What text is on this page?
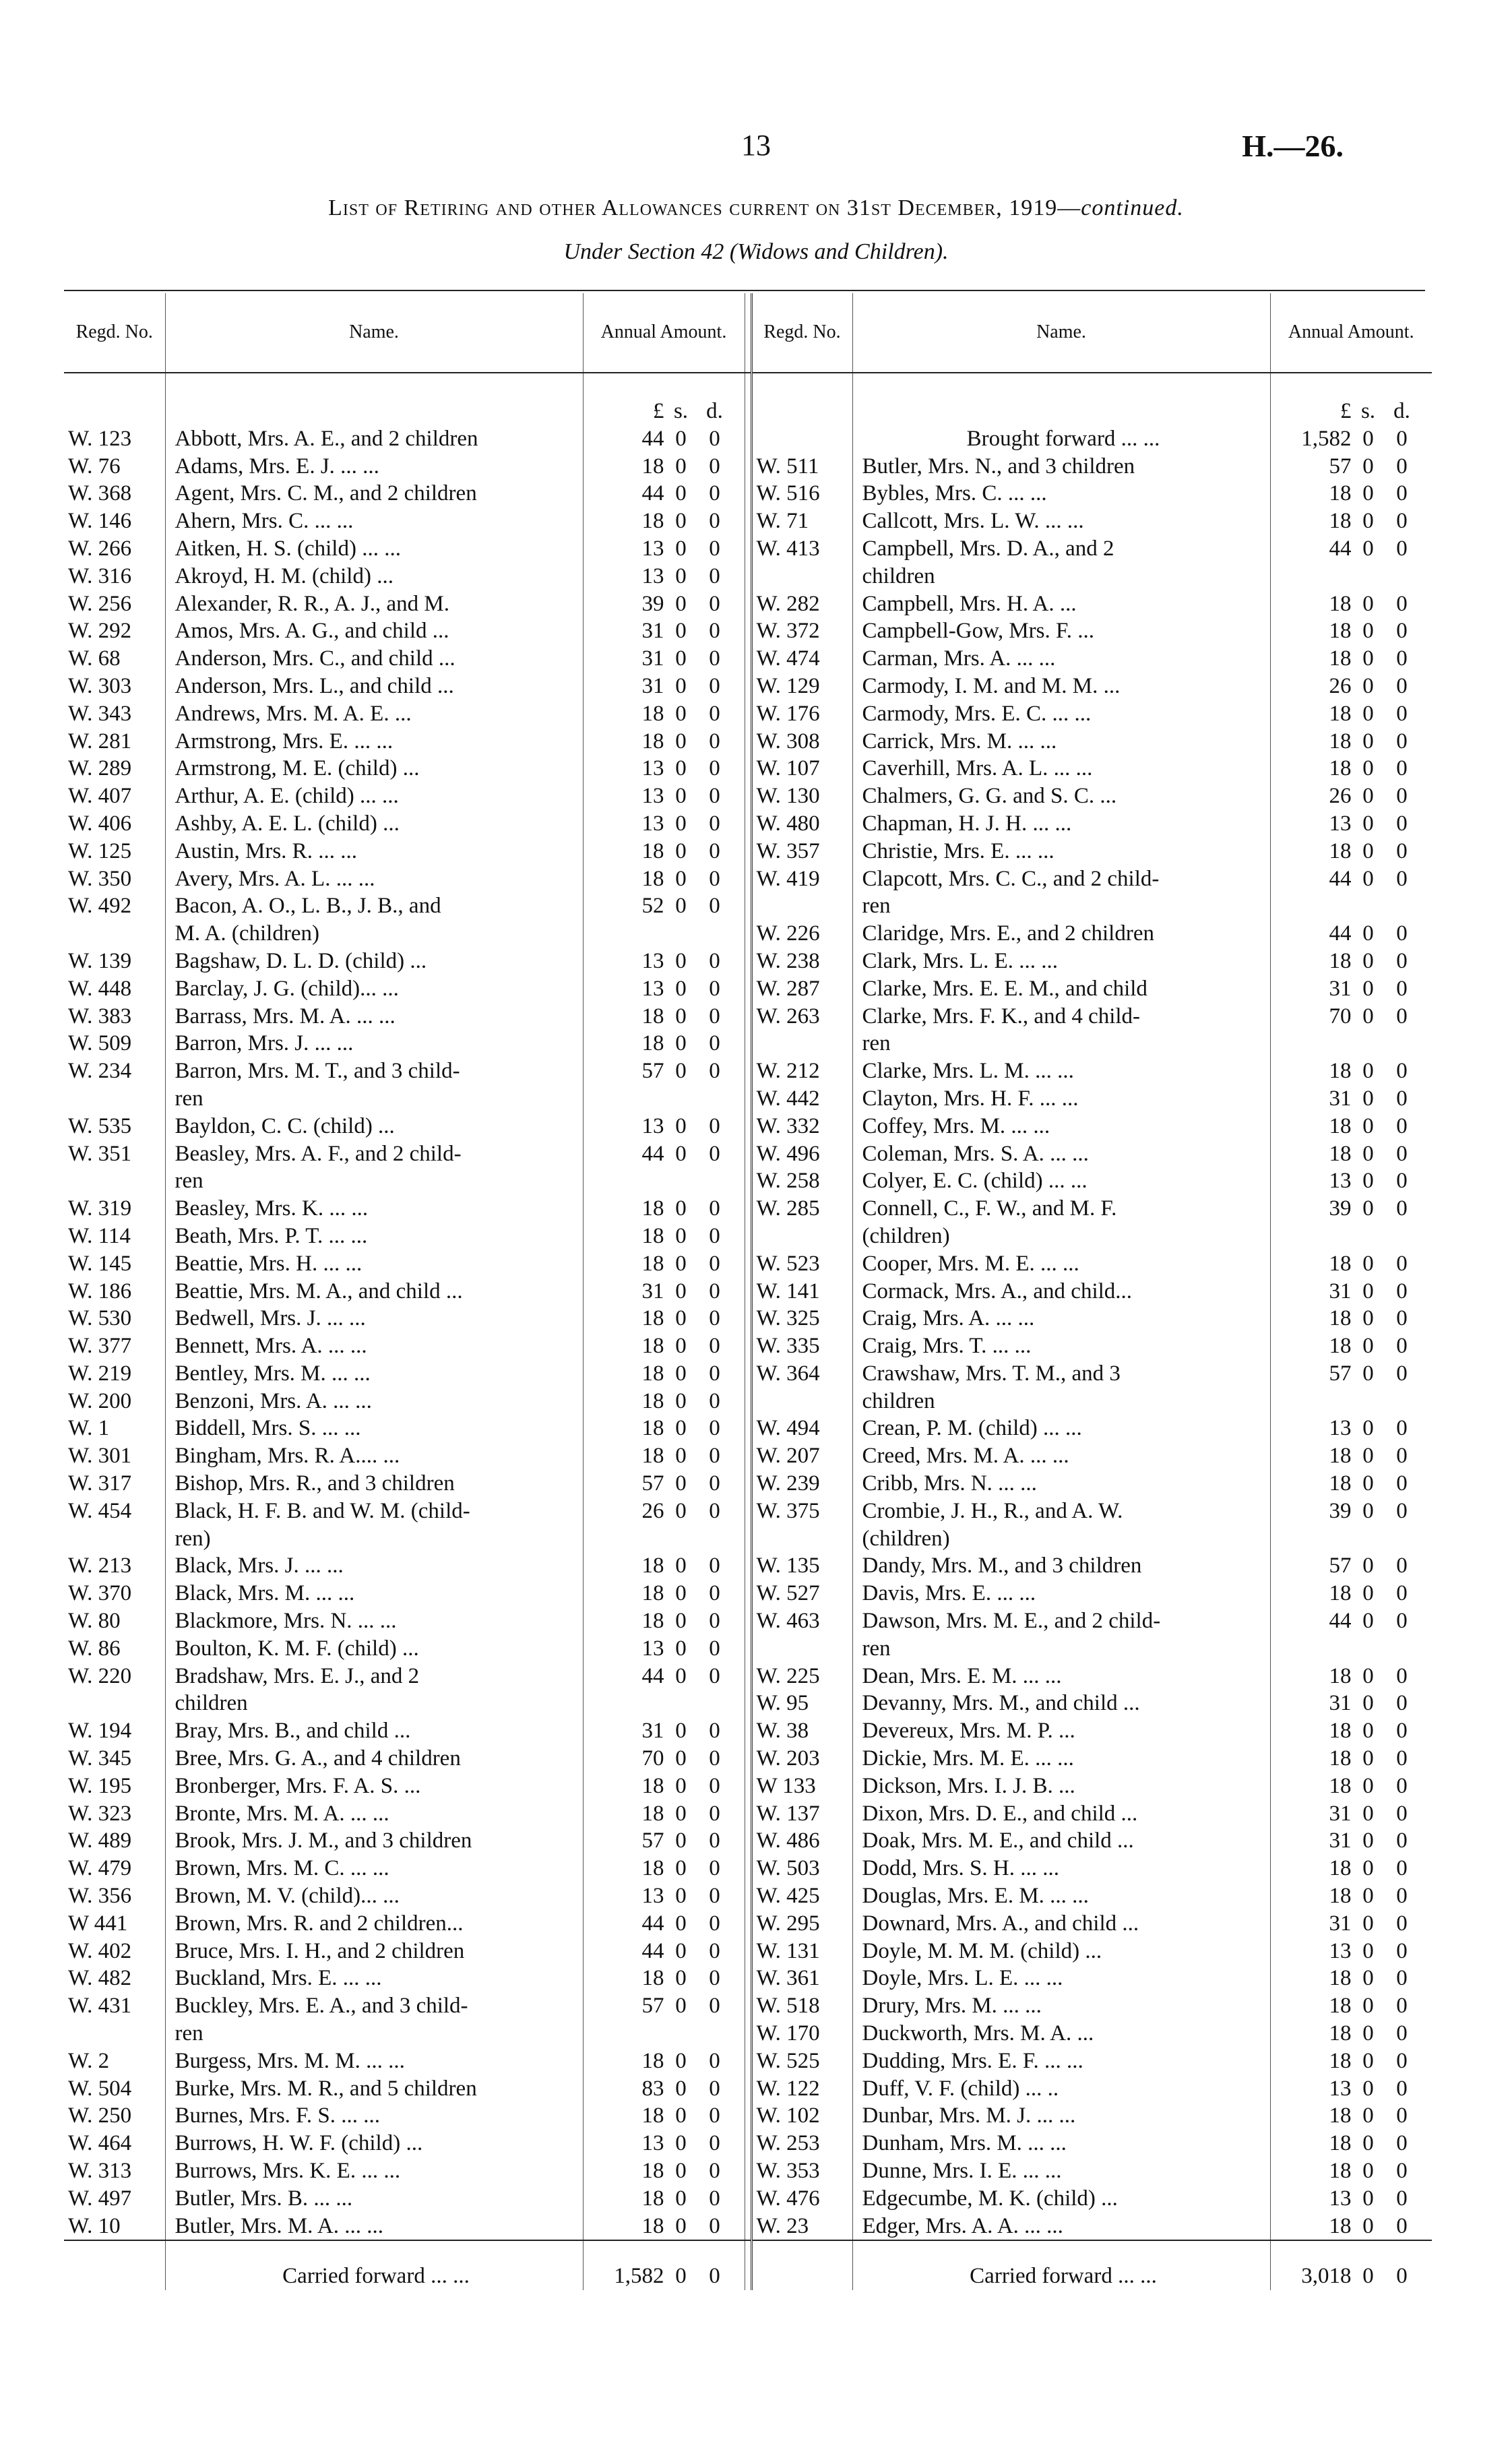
13	H.—26.
List of Retiring and other Allowances current on 31st December, 1919—continued.
Under Section 42 (Widows and Children).
Regd. No.	Name.	Annual Amount.		Regd. No.	Name.	Annual Amount.

		£ s. d.				£ s. d.

W. 123	Abbott, Mrs. A. E., and 2 children	44 0 0			Brought forward ... ...	1,582 0 0

W. 76	Adams, Mrs. E. J. ... ...	18 0 0		W. 511	Butler, Mrs. N., and 3 children	57 0 0

W. 368	Agent, Mrs. C. M., and 2 children	44 0 0		W. 516	Bybles, Mrs. C. ... ...	18 0 0

W. 146	Ahern, Mrs. C. ... ...	18 0 0		W. 71	Callcott, Mrs. L. W. ... ...	18 0 0

W. 266	Aitken, H. S. (child) ... ...	13 0 0		W. 413	Campbell, Mrs. D. A., and 2	44 0 0

W. 316	Akroyd, H. M. (child) ...	13 0 0			children	

W. 256	Alexander, R. R., A. J., and M.	39 0 0		W. 282	Campbell, Mrs. H. A. ...	18 0 0

W. 292	Amos, Mrs. A. G., and child ...	31 0 0		W. 372	Campbell-Gow, Mrs. F. ...	18 0 0

W. 68	Anderson, Mrs. C., and child ...	31 0 0		W. 474	Carman, Mrs. A. ... ...	18 0 0

W. 303	Anderson, Mrs. L., and child ...	31 0 0		W. 129	Carmody, I. M. and M. M. ...	26 0 0

W. 343	Andrews, Mrs. M. A. E. ...	18 0 0		W. 176	Carmody, Mrs. E. C. ... ...	18 0 0

W. 281	Armstrong, Mrs. E. ... ...	18 0 0		W. 308	Carrick, Mrs. M. ... ...	18 0 0

W. 289	Armstrong, M. E. (child) ...	13 0 0		W. 107	Caverhill, Mrs. A. L. ... ...	18 0 0

W. 407	Arthur, A. E. (child) ... ...	13 0 0		W. 130	Chalmers, G. G. and S. C. ...	26 0 0

W. 406	Ashby, A. E. L. (child) ...	13 0 0		W. 480	Chapman, H. J. H. ... ...	13 0 0

W. 125	Austin, Mrs. R. ... ...	18 0 0		W. 357	Christie, Mrs. E. ... ...	18 0 0

W. 350	Avery, Mrs. A. L. ... ...	18 0 0		W. 419	Clapcott, Mrs. C. C., and 2 child-	44 0 0

W. 492	Bacon, A. O., L. B., J. B., and	52 0 0			ren	

	M. A. (children)			W. 226	Claridge, Mrs. E., and 2 children	44 0 0

W. 139	Bagshaw, D. L. D. (child) ...	13 0 0		W. 238	Clark, Mrs. L. E. ... ...	18 0 0

W. 448	Barclay, J. G. (child)... ...	13 0 0		W. 287	Clarke, Mrs. E. E. M., and child	31 0 0

W. 383	Barrass, Mrs. M. A. ... ...	18 0 0		W. 263	Clarke, Mrs. F. K., and 4 child-	70 0 0

W. 509	Barron, Mrs. J. ... ...	18 0 0			ren	

W. 234	Barron, Mrs. M. T., and 3 child-	57 0 0		W. 212	Clarke, Mrs. L. M. ... ...	18 0 0

	ren			W. 442	Clayton, Mrs. H. F. ... ...	31 0 0

W. 535	Bayldon, C. C. (child) ...	13 0 0		W. 332	Coffey, Mrs. M. ... ...	18 0 0

W. 351	Beasley, Mrs. A. F., and 2 child-	44 0 0		W. 496	Coleman, Mrs. S. A. ... ...	18 0 0

	ren			W. 258	Colyer, E. C. (child) ... ...	13 0 0

W. 319	Beasley, Mrs. K. ... ...	18 0 0		W. 285	Connell, C., F. W., and M. F.	39 0 0

W. 114	Beath, Mrs. P. T. ... ...	18 0 0			(children)	

W. 145	Beattie, Mrs. H. ... ...	18 0 0		W. 523	Cooper, Mrs. M. E. ... ...	18 0 0

W. 186	Beattie, Mrs. M. A., and child ...	31 0 0		W. 141	Cormack, Mrs. A., and child...	31 0 0

W. 530	Bedwell, Mrs. J. ... ...	18 0 0		W. 325	Craig, Mrs. A. ... ...	18 0 0

W. 377	Bennett, Mrs. A. ... ...	18 0 0		W. 335	Craig, Mrs. T. ... ...	18 0 0

W. 219	Bentley, Mrs. M. ... ...	18 0 0		W. 364	Crawshaw, Mrs. T. M., and 3	57 0 0

W. 200	Benzoni, Mrs. A. ... ...	18 0 0			children	

W. 1	Biddell, Mrs. S. ... ...	18 0 0		W. 494	Crean, P. M. (child) ... ...	13 0 0

W. 301	Bingham, Mrs. R. A.... ...	18 0 0		W. 207	Creed, Mrs. M. A. ... ...	18 0 0

W. 317	Bishop, Mrs. R., and 3 children	57 0 0		W. 239	Cribb, Mrs. N. ... ...	18 0 0

W. 454	Black, H. F. B. and W. M. (child-	26 0 0		W. 375	Crombie, J. H., R., and A. W.	39 0 0

	ren)				(children)	

W. 213	Black, Mrs. J. ... ...	18 0 0		W. 135	Dandy, Mrs. M., and 3 children	57 0 0

W. 370	Black, Mrs. M. ... ...	18 0 0		W. 527	Davis, Mrs. E. ... ...	18 0 0

W. 80	Blackmore, Mrs. N. ... ...	18 0 0		W. 463	Dawson, Mrs. M. E., and 2 child-	44 0 0

W. 86	Boulton, K. M. F. (child) ...	13 0 0			ren	

W. 220	Bradshaw, Mrs. E. J., and 2	44 0 0		W. 225	Dean, Mrs. E. M. ... ...	18 0 0

	children			W. 95	Devanny, Mrs. M., and child ...	31 0 0

W. 194	Bray, Mrs. B., and child ...	31 0 0		W. 38	Devereux, Mrs. M. P. ...	18 0 0

W. 345	Bree, Mrs. G. A., and 4 children	70 0 0		W. 203	Dickie, Mrs. M. E. ... ...	18 0 0

W. 195	Bronberger, Mrs. F. A. S. ...	18 0 0		W 133	Dickson, Mrs. I. J. B. ...	18 0 0

W. 323	Bronte, Mrs. M. A. ... ...	18 0 0		W. 137	Dixon, Mrs. D. E., and child ...	31 0 0

W. 489	Brook, Mrs. J. M., and 3 children	57 0 0		W. 486	Doak, Mrs. M. E., and child ...	31 0 0

W. 479	Brown, Mrs. M. C. ... ...	18 0 0		W. 503	Dodd, Mrs. S. H. ... ...	18 0 0

W. 356	Brown, M. V. (child)... ...	13 0 0		W. 425	Douglas, Mrs. E. M. ... ...	18 0 0

W 441	Brown, Mrs. R. and 2 children...	44 0 0		W. 295	Downard, Mrs. A., and child ...	31 0 0

W. 402	Bruce, Mrs. I. H., and 2 children	44 0 0		W. 131	Doyle, M. M. M. (child) ...	13 0 0

W. 482	Buckland, Mrs. E. ... ...	18 0 0		W. 361	Doyle, Mrs. L. E. ... ...	18 0 0

W. 431	Buckley, Mrs. E. A., and 3 child-	57 0 0		W. 518	Drury, Mrs. M. ... ...	18 0 0

	ren			W. 170	Duckworth, Mrs. M. A. ...	18 0 0

W. 2	Burgess, Mrs. M. M. ... ...	18 0 0		W. 525	Dudding, Mrs. E. F. ... ...	18 0 0

W. 504	Burke, Mrs. M. R., and 5 children	83 0 0		W. 122	Duff, V. F. (child) ... ..	13 0 0

W. 250	Burnes, Mrs. F. S. ... ...	18 0 0		W. 102	Dunbar, Mrs. M. J. ... ...	18 0 0

W. 464	Burrows, H. W. F. (child) ...	13 0 0		W. 253	Dunham, Mrs. M. ... ...	18 0 0

W. 313	Burrows, Mrs. K. E. ... ...	18 0 0		W. 353	Dunne, Mrs. I. E. ... ...	18 0 0

W. 497	Butler, Mrs. B. ... ...	18 0 0		W. 476	Edgecumbe, M. K. (child) ...	13 0 0

W. 10	Butler, Mrs. M. A. ... ...	18 0 0		W. 23	Edger, Mrs. A. A. ... ...	18 0 0

	Carried forward ... ...	1,582 0 0			Carried forward ... ...	3,018 0 0
